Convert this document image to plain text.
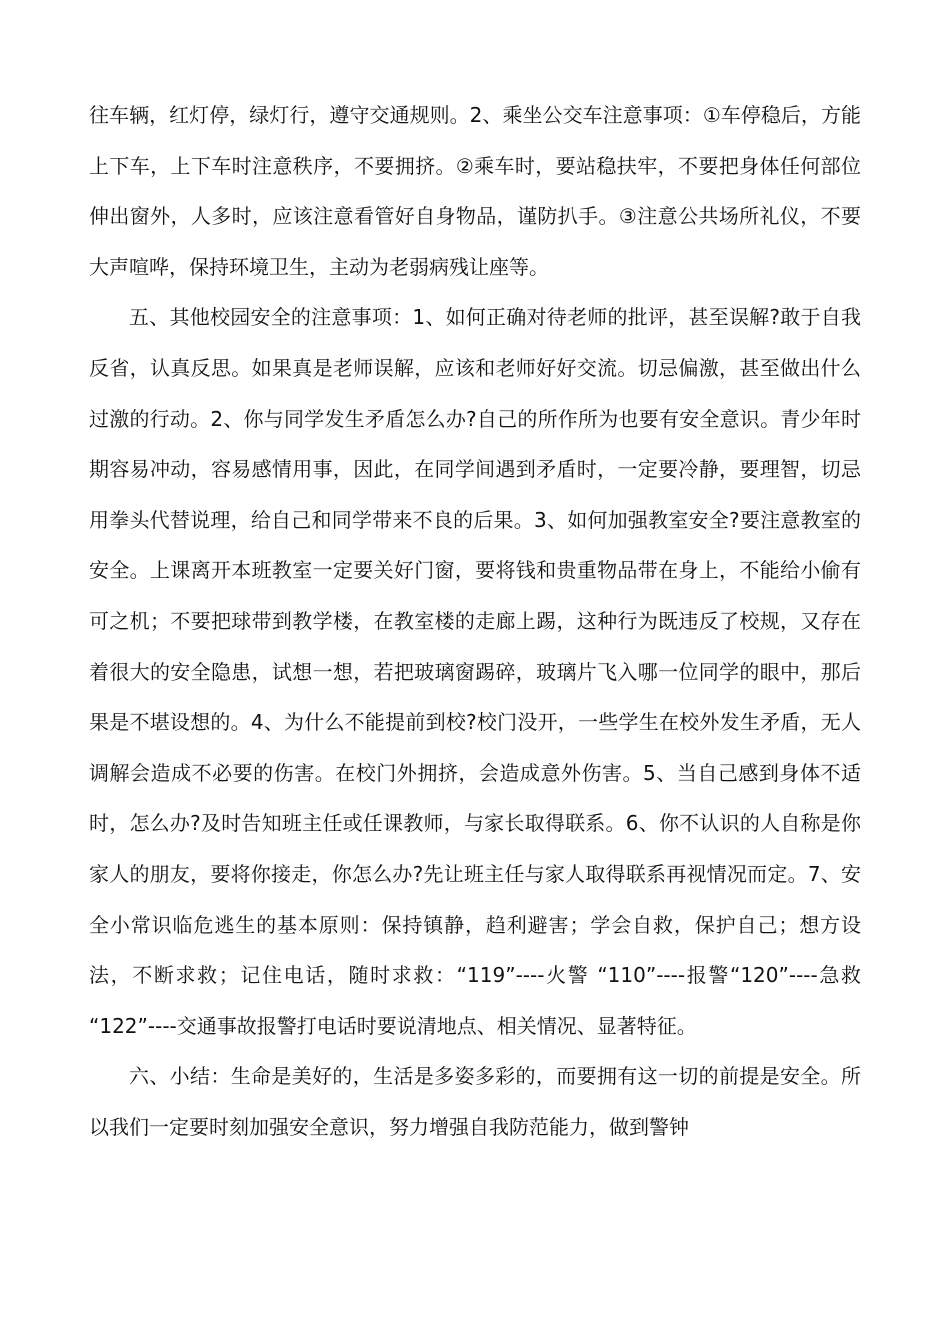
往车辆，红灯停，绿灯行，遵守交通规则。2、乘坐公交车注意事项：①车停稳后，方能上下车，上下车时注意秩序，不要拥挤。②乘车时，要站稳扶牢，不要把身体任何部位伸出窗外，人多时，应该注意看管好自身物品，谨防扒手。③注意公共场所礼仪，不要大声喧哗，保持环境卫生，主动为老弱病残让座等。

五、其他校园安全的注意事项：1、如何正确对待老师的批评，甚至误解?敢于自我反省，认真反思。如果真是老师误解，应该和老师好好交流。切忌偏激，甚至做出什么过激的行动。2、你与同学发生矛盾怎么办?自己的所作所为也要有安全意识。青少年时期容易冲动，容易感情用事，因此，在同学间遇到矛盾时，一定要冷静，要理智，切忌用拳头代替说理，给自己和同学带来不良的后果。3、如何加强教室安全?要注意教室的安全。上课离开本班教室一定要关好门窗，要将钱和贵重物品带在身上，不能给小偷有可之机；不要把球带到教学楼，在教室楼的走廊上踢，这种行为既违反了校规，又存在着很大的安全隐患，试想一想，若把玻璃窗踢碎，玻璃片飞入哪一位同学的眼中，那后果是不堪设想的。4、为什么不能提前到校?校门没开，一些学生在校外发生矛盾，无人调解会造成不必要的伤害。在校门外拥挤，会造成意外伤害。5、当自己感到身体不适时，怎么办?及时告知班主任或任课教师，与家长取得联系。6、你不认识的人自称是你家人的朋友，要将你接走，你怎么办?先让班主任与家人取得联系再视情况而定。7、安全小常识临危逃生的基本原则：保持镇静，趋利避害；学会自救，保护自己；想方设法，不断求救；记住电话，随时求救：“119”----火警 “110”----报警“120”----急救 “122”----交通事故报警打电话时要说清地点、相关情况、显著特征。

六、小结：生命是美好的，生活是多姿多彩的，而要拥有这一切的前提是安全。所以我们一定要时刻加强安全意识，努力增强自我防范能力，做到警钟
